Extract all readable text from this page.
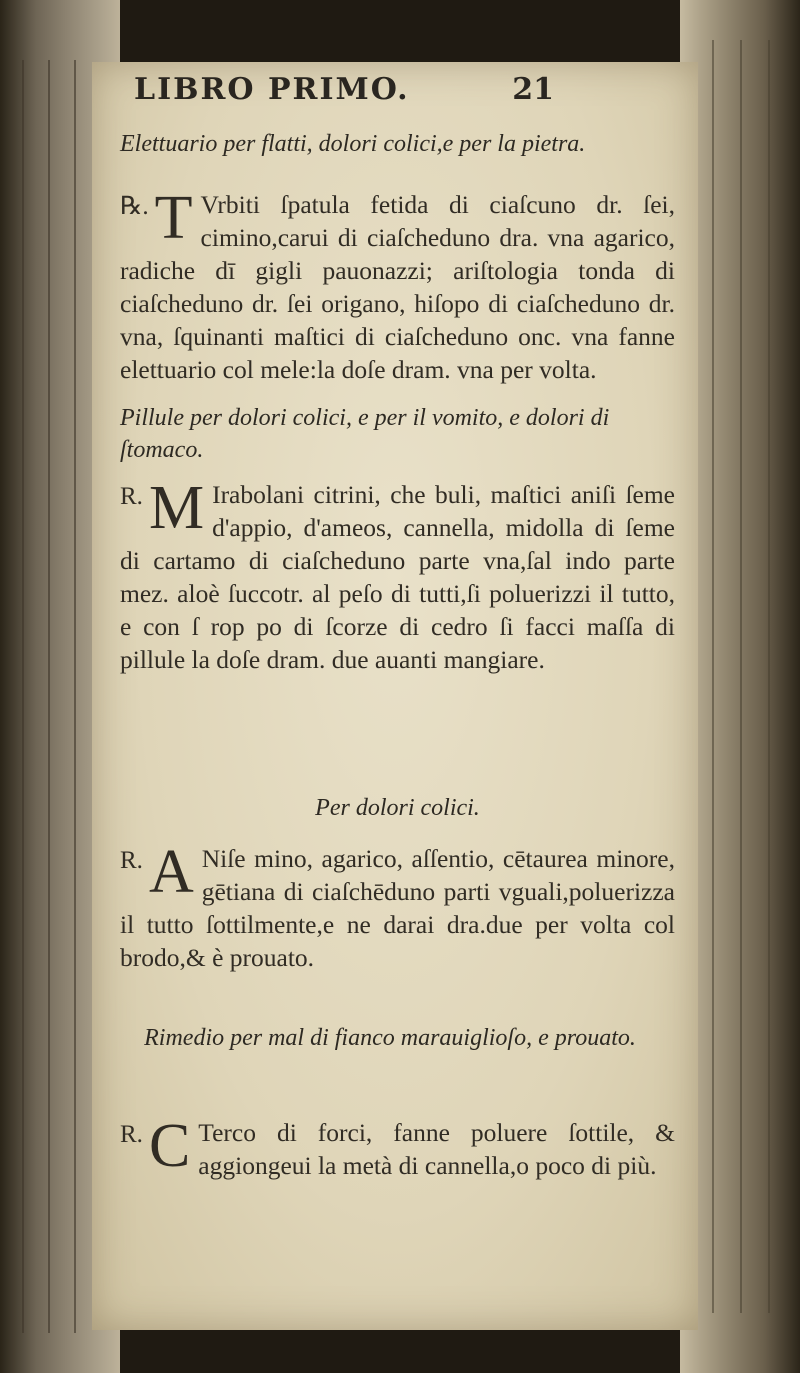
LIBRO PRIMO.	21
Elettuario per flatti, dolori colici,e per la pietra.
℞. T Vrbiti ſpatula fetida di ciaſcuno dr. ſei, cimino,carui di ciaſcheduno dra. vna agarico, radiche dī gigli pauonazzi; ariſtologia tonda di ciaſcheduno dr. ſei origano, hiſopo di ciaſcheduno dr. vna, ſquinanti maſtici di ciaſcheduno onc. vna fanne elettuario col mele:la doſe dram. vna per volta.
Pillule per dolori colici, e per il vomito, e dolori di ſtomaco.
R. M Irabolani citrini, che buli, maſtici aniſi ſeme d'appio, d'ameos, cannella, midolla di ſeme di cartamo di ciaſcheduno parte vna,ſal indo parte mez. aloè ſuccotr. al peſo di tutti,ſi poluerizzi il tutto, e con ſ rop po di ſcorze di cedro ſi facci maſſa di pillule la doſe dram. due auanti mangiare.
Per dolori colici.
R. A Niſe mino, agarico, aſſentio, cētaurea minore, gētiana di ciaſchēduno parti vguali,poluerizza il tutto ſottilmente,e ne darai dra.due per volta col brodo,& è prouato.
Rimedio per mal di fianco marauiglioſo, e prouato.
R. C Terco di forci, fanne poluere ſottile, & aggiongeui la metà di cannella,o poco di più.
